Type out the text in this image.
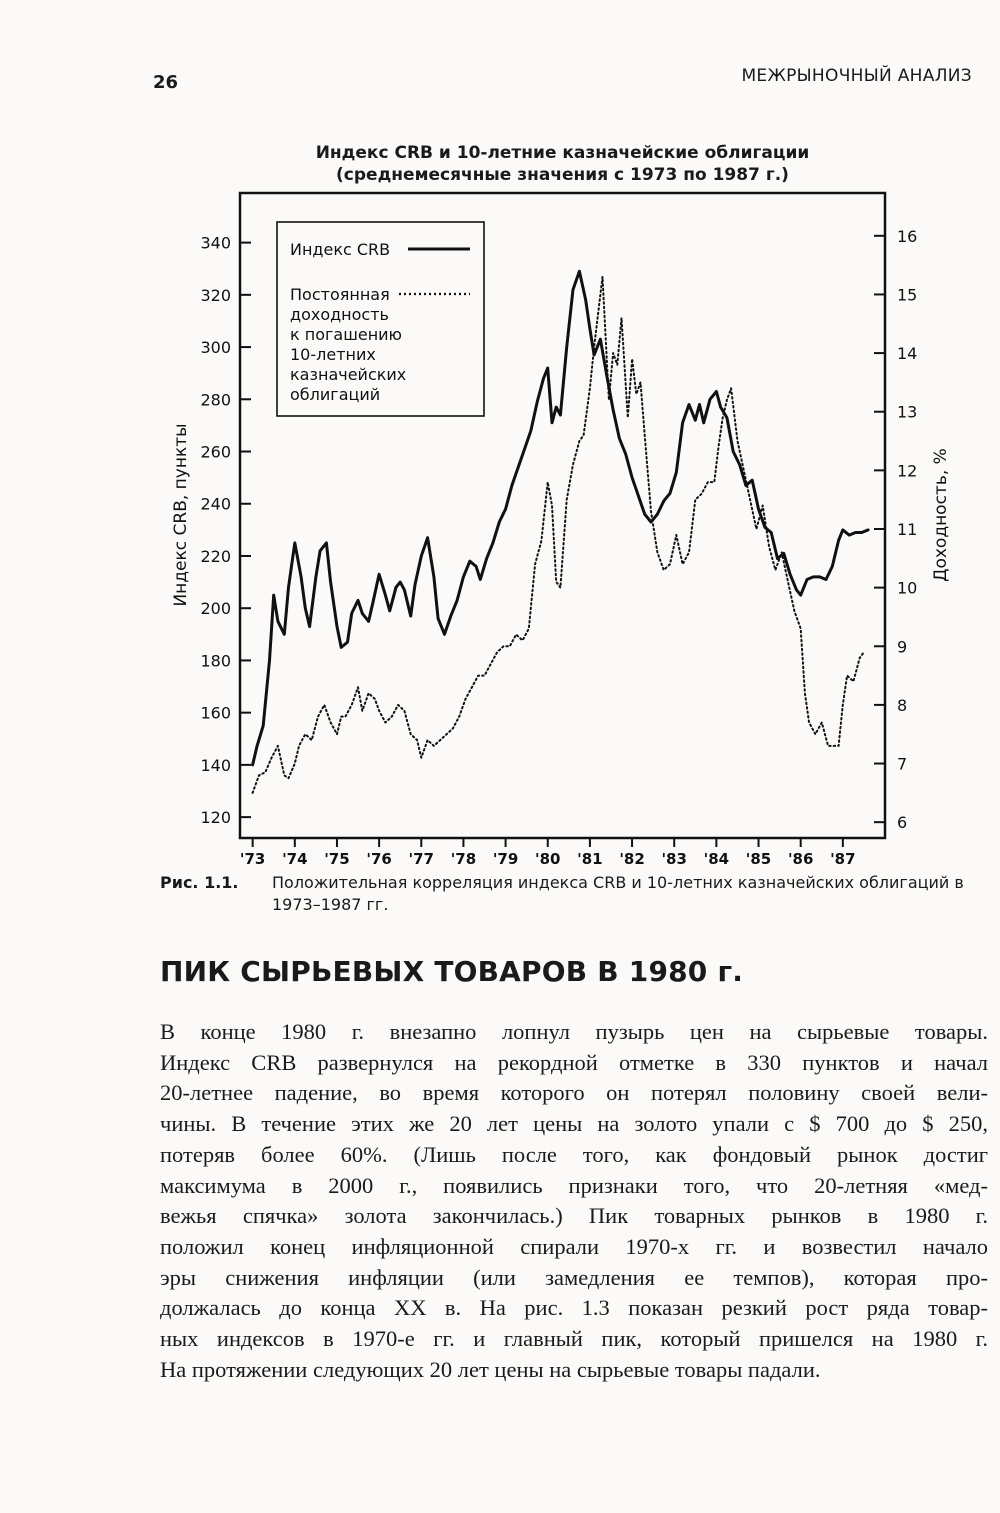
26	МЕЖРЫНОЧНЫЙ АНАЛИЗ
Индекс CRB и 10-летние казначейские облигации
(среднемесячные значения с 1973 по 1987 г.)
120
140
160
180
200
220
240
260
280
300
320
340
6
7
8
9
10
11
12
13
14
15
16
'73 '74 '75 '76 '77 '78 '79 '80 '81 '82 '83 '84 '85 '86 '87
Индекс CRB, пункты	Доходность, %
Индекс CRB
Постоянная
доходность
к погашению
10-летних
казначейских
облигаций
Рис. 1.1. Положительная корреляция индекса CRB и 10-летних казначейских облигаций в 1973–1987 гг.
ПИК СЫРЬЕВЫХ ТОВАРОВ В 1980 г.
В конце 1980 г. внезапно лопнул пузырь цен на сырьевые товары.
Индекс CRB развернулся на рекордной отметке в 330 пунктов и начал
20-летнее падение, во время которого он потерял половину своей вели-
чины. В течение этих же 20 лет цены на золото упали с $ 700 до $ 250,
потеряв более 60%. (Лишь после того, как фондовый рынок достиг
максимума в 2000 г., появились признаки того, что 20-летняя «мед-
вежья спячка» золота закончилась.) Пик товарных рынков в 1980 г.
положил конец инфляционной спирали 1970-х гг. и возвестил начало
эры снижения инфляции (или замедления ее темпов), которая про-
должалась до конца XX в. На рис. 1.3 показан резкий рост ряда товар-
ных индексов в 1970-е гг. и главный пик, который пришелся на 1980 г.
На протяжении следующих 20 лет цены на сырьевые товары падали.
